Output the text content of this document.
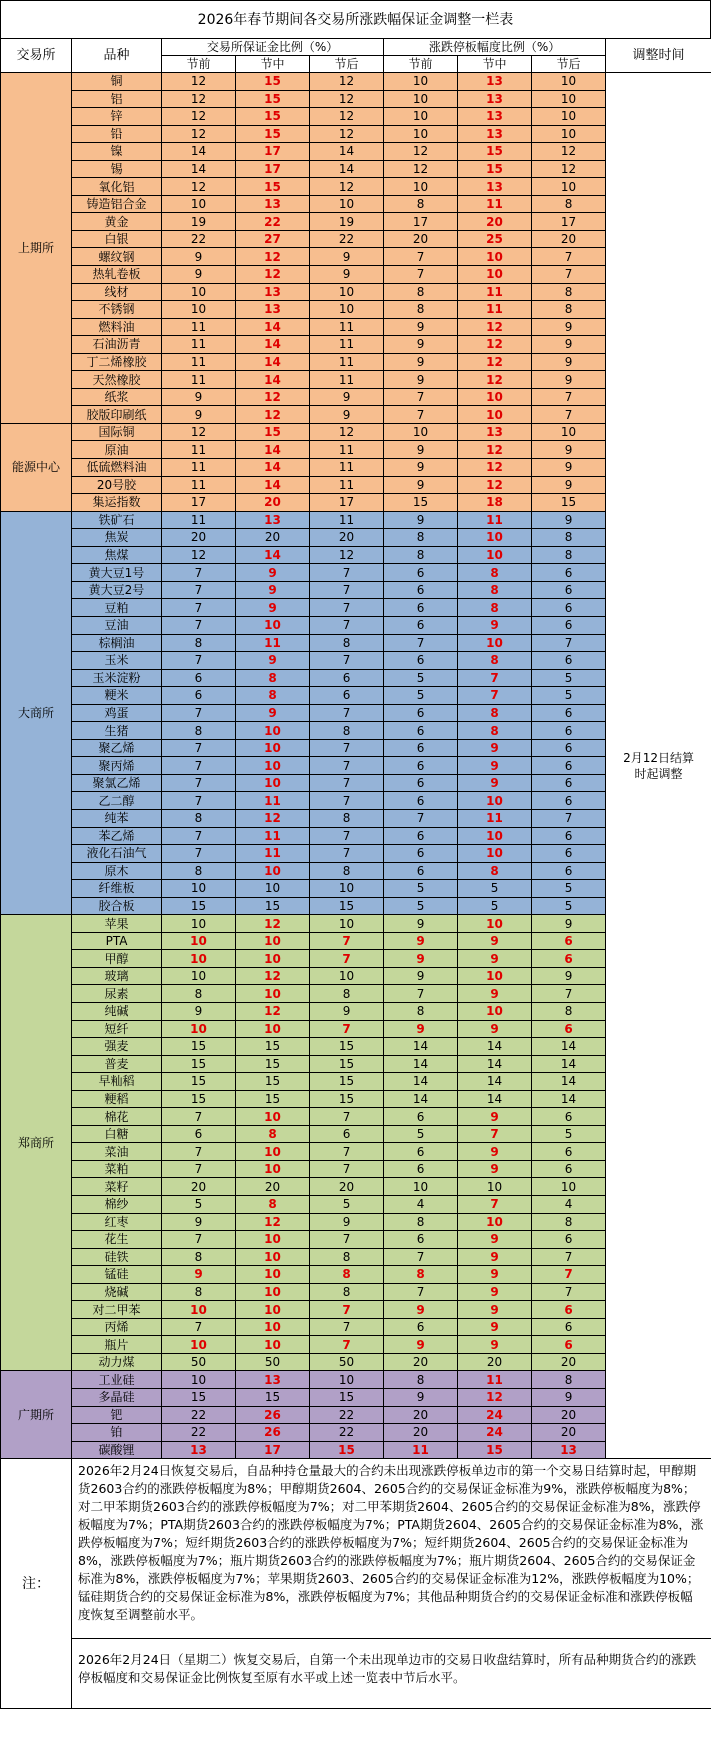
2026年春节期间各交易所涨跌幅保证金调整一栏表
交易所	品种	交易所保证金比例（%）			涨跌停板幅度比例（%）			调整时间
		节前	节中	节后	节前	节中	节后	
上期所	铜	12	15	12	10	13	10	2月12日结算时起调整
	铝	12	15	12	10	13	10	
	锌	12	15	12	10	13	10	
	铅	12	15	12	10	13	10	
	镍	14	17	14	12	15	12	
	锡	14	17	14	12	15	12	
	氧化铝	12	15	12	10	13	10	
	铸造铝合金	10	13	10	8	11	8	
	黄金	19	22	19	17	20	17	
	白银	22	27	22	20	25	20	
	螺纹钢	9	12	9	7	10	7	
	热轧卷板	9	12	9	7	10	7	
	线材	10	13	10	8	11	8	
	不锈钢	10	13	10	8	11	8	
	燃料油	11	14	11	9	12	9	
	石油沥青	11	14	11	9	12	9	
	丁二烯橡胶	11	14	11	9	12	9	
	天然橡胶	11	14	11	9	12	9	
	纸浆	9	12	9	7	10	7	
	胶版印刷纸	9	12	9	7	10	7	
能源中心	国际铜	12	15	12	10	13	10	
	原油	11	14	11	9	12	9	
	低硫燃料油	11	14	11	9	12	9	
	20号胶	11	14	11	9	12	9	
	集运指数	17	20	17	15	18	15	
大商所	铁矿石	11	13	11	9	11	9	
	焦炭	20	20	20	8	10	8	
	焦煤	12	14	12	8	10	8	
	黄大豆1号	7	9	7	6	8	6	
	黄大豆2号	7	9	7	6	8	6	
	豆粕	7	9	7	6	8	6	
	豆油	7	10	7	6	9	6	
	棕榈油	8	11	8	7	10	7	
	玉米	7	9	7	6	8	6	
	玉米淀粉	6	8	6	5	7	5	
	粳米	6	8	6	5	7	5	
	鸡蛋	7	9	7	6	8	6	
	生猪	8	10	8	6	8	6	
	聚乙烯	7	10	7	6	9	6	
	聚丙烯	7	10	7	6	9	6	
	聚氯乙烯	7	10	7	6	9	6	
	乙二醇	7	11	7	6	10	6	
	纯苯	8	12	8	7	11	7	
	苯乙烯	7	11	7	6	10	6	
	液化石油气	7	11	7	6	10	6	
	原木	8	10	8	6	8	6	
	纤维板	10	10	10	5	5	5	
	胶合板	15	15	15	5	5	5	
郑商所	苹果	10	12	10	9	10	9	
	PTA	10	10	7	9	9	6	
	甲醇	10	10	7	9	9	6	
	玻璃	10	12	10	9	10	9	
	尿素	8	10	8	7	9	7	
	纯碱	9	12	9	8	10	8	
	短纤	10	10	7	9	9	6	
	强麦	15	15	15	14	14	14	
	普麦	15	15	15	14	14	14	
	早籼稻	15	15	15	14	14	14	
	粳稻	15	15	15	14	14	14	
	棉花	7	10	7	6	9	6	
	白糖	6	8	6	5	7	5	
	菜油	7	10	7	6	9	6	
	菜粕	7	10	7	6	9	6	
	菜籽	20	20	20	10	10	10	
	棉纱	5	8	5	4	7	4	
	红枣	9	12	9	8	10	8	
	花生	7	10	7	6	9	6	
	硅铁	8	10	8	7	9	7	
	锰硅	9	10	8	8	9	7	
	烧碱	8	10	8	7	9	7	
	对二甲苯	10	10	7	9	9	6	
	丙烯	7	10	7	6	9	6	
	瓶片	10	10	7	9	9	6	
	动力煤	50	50	50	20	20	20	
广期所	工业硅	10	13	10	8	11	8	
	多晶硅	15	15	15	9	12	9	
	钯	22	26	22	20	24	20	
	铂	22	26	22	20	24	20	
	碳酸锂	13	17	15	11	15	13	
注：	2026年2月24日恢复交易后，自品种持仓量最大的合约未出现涨跌停板单边市的第一个交易日结算时起，甲醇期货2603合约的涨跌停板幅度为8%；甲醇期货2604、2605合约的交易保证金标准为9%，涨跌停板幅度为8%；对二甲苯期货2603合约的涨跌停板幅度为7%；对二甲苯期货2604、2605合约的交易保证金标准为8%，涨跌停板幅度为7%；PTA期货2603合约的涨跌停板幅度为7%；PTA期货2604、2605合约的交易保证金标准为8%，涨跌停板幅度为7%；短纤期货2603合约的涨跌停板幅度为7%；短纤期货2604、2605合约的交易保证金标准为8%，涨跌停板幅度为7%；瓶片期货2603合约的涨跌停板幅度为7%；瓶片期货2604、2605合约的交易保证金标准为8%，涨跌停板幅度为7%；苹果期货2603、2605合约的交易保证金标准为12%，涨跌停板幅度为10%；锰硅期货合约的交易保证金标准为8%，涨跌停板幅度为7%；其他品种期货合约的交易保证金标准和涨跌停板幅度恢复至调整前水平。
2026年2月24日（星期二）恢复交易后，自第一个未出现单边市的交易日收盘结算时，所有品种期货合约的涨跌停板幅度和交易保证金比例恢复至原有水平或上述一览表中节后水平。
